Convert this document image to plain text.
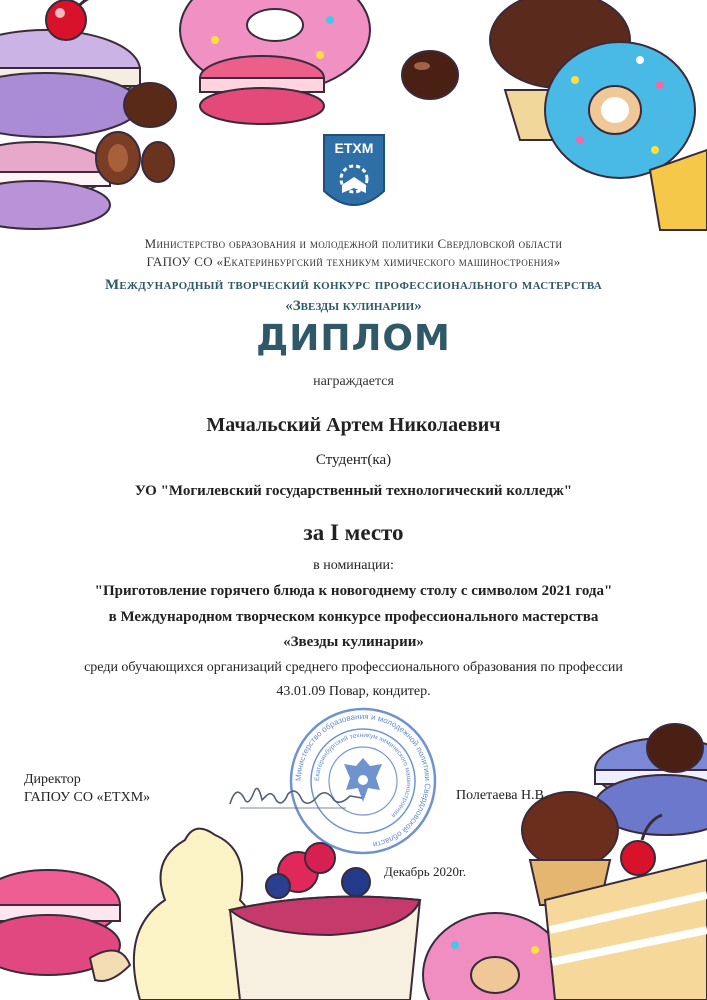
ЕТХМ
Министерство образования и молодежной политики Свердловской области
ГАПОУ СО «Екатеринбургский техникум химического машиностроения»
Международный творческий конкурс профессионального мастерства
«Звезды кулинарии»
ДИПЛОМ
награждается
Мачальский Артем Николаевич
Студент(ка)
УО "Могилевский государственный технологический колледж"
за I место
в номинации:
"Приготовление горячего блюда к новогоднему столу с символом 2021 года"
в Международном творческом конкурсе профессионального мастерства
«Звезды кулинарии»
среди обучающихся организаций среднего профессионального образования по профессии
43.01.09 Повар, кондитер.
Министерство образования и молодежной политики Свердловской области
Екатеринбургский техникум химического машиностроения
Директор
ГАПОУ СО «ЕТХМ»	Полетаева Н.В.
Декабрь 2020г.
